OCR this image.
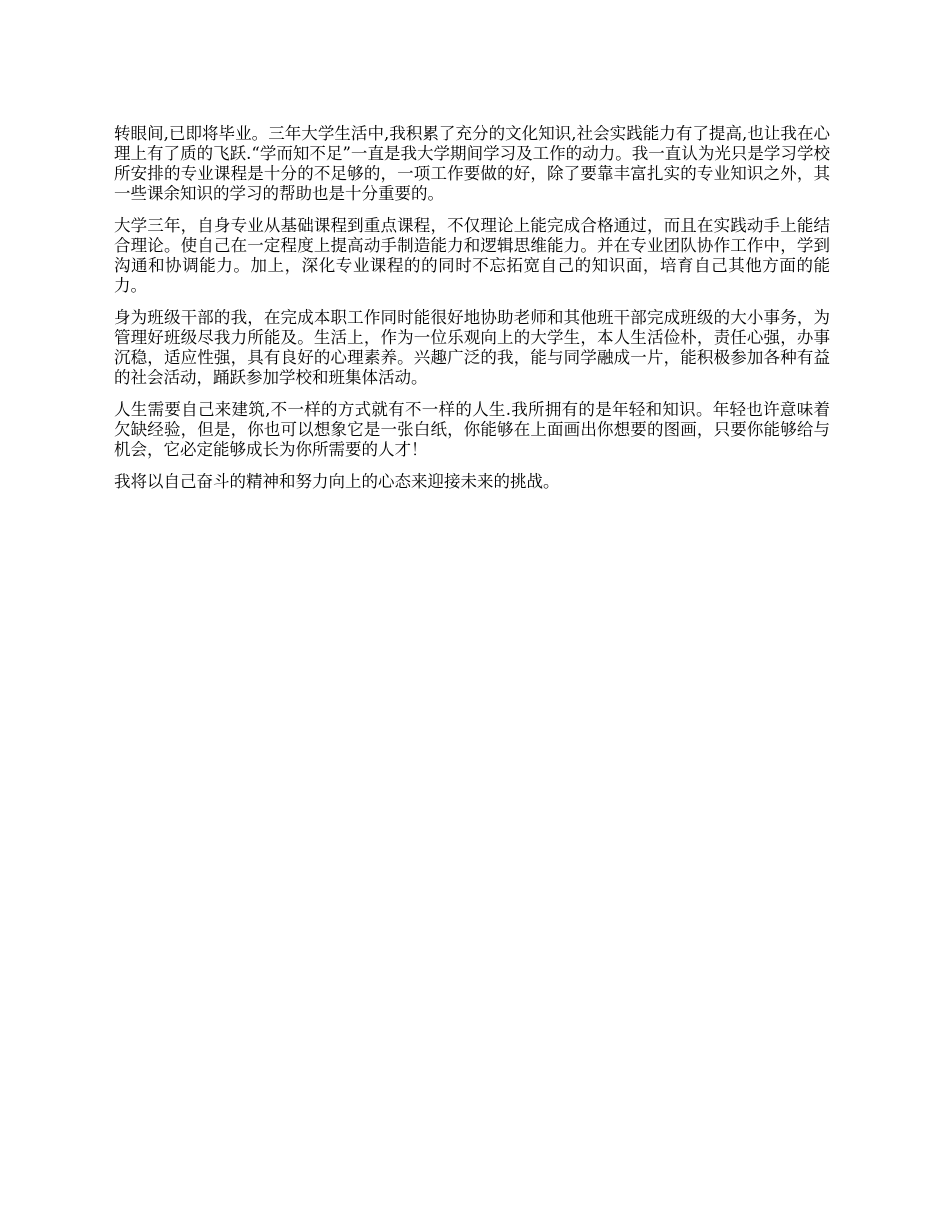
转眼间,已即将毕业。三年大学生活中,我积累了充分的文化知识,社会实践能力有了提高,也让我在心理上有了质的飞跃.“学而知不足”一直是我大学期间学习及工作的动力。我一直认为光只是学习学校所安排的专业课程是十分的不足够的，一项工作要做的好，除了要靠丰富扎实的专业知识之外，其一些课余知识的学习的帮助也是十分重要的。

大学三年，自身专业从基础课程到重点课程，不仅理论上能完成合格通过，而且在实践动手上能结合理论。使自己在一定程度上提高动手制造能力和逻辑思维能力。并在专业团队协作工作中，学到沟通和协调能力。加上，深化专业课程的的同时不忘拓宽自己的知识面，培育自己其他方面的能力。

身为班级干部的我，在完成本职工作同时能很好地协助老师和其他班干部完成班级的大小事务，为管理好班级尽我力所能及。生活上，作为一位乐观向上的大学生，本人生活俭朴，责任心强，办事沉稳，适应性强，具有良好的心理素养。兴趣广泛的我，能与同学融成一片，能积极参加各种有益的社会活动，踊跃参加学校和班集体活动。

人生需要自己来建筑,不一样的方式就有不一样的人生.我所拥有的是年轻和知识。年轻也许意味着欠缺经验，但是，你也可以想象它是一张白纸，你能够在上面画出你想要的图画，只要你能够给与机会，它必定能够成长为你所需要的人才！

我将以自己奋斗的精神和努力向上的心态来迎接未来的挑战。
